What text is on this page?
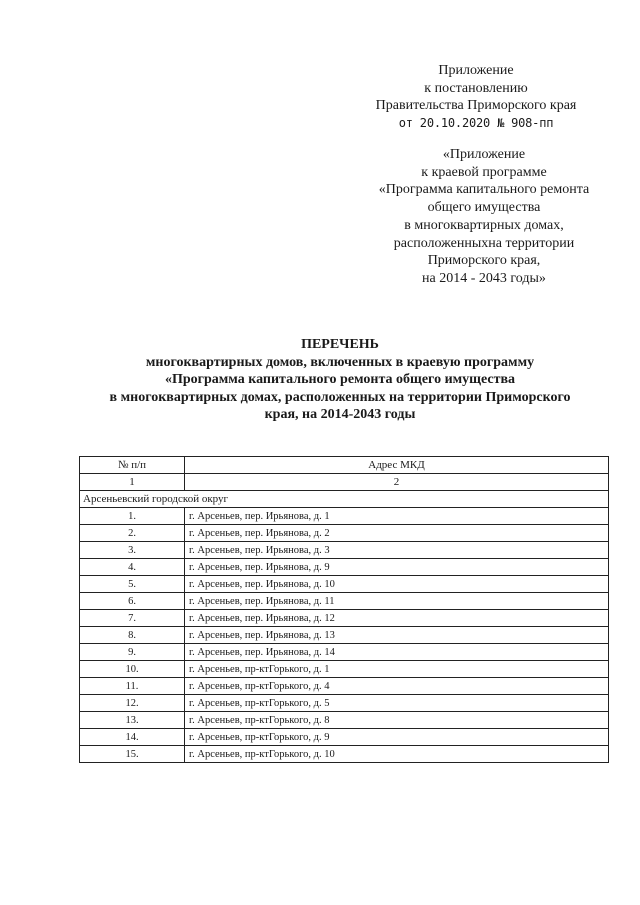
Приложение
к постановлению
Правительства Приморского края
от 20.10.2020 № 908-пп
«Приложение
к краевой программе
«Программа капитального ремонта
общего имущества
в многоквартирных домах,
расположенныхна территории
Приморского края,
на 2014 - 2043 годы»
ПЕРЕЧЕНЬ
многоквартирных домов, включенных в краевую программу
«Программа капитального ремонта общего имущества
в многоквартирных домах, расположенных на территории Приморского
края, на 2014-2043 годы
№ п/п	Адрес МКД
1	2
Арсеньевский городской округ	
1.	г. Арсеньев, пер. Ирьянова, д. 1
2.	г. Арсеньев, пер. Ирьянова, д. 2
3.	г. Арсеньев, пер. Ирьянова, д. 3
4.	г. Арсеньев, пер. Ирьянова, д. 9
5.	г. Арсеньев, пер. Ирьянова, д. 10
6.	г. Арсеньев, пер. Ирьянова, д. 11
7.	г. Арсеньев, пер. Ирьянова, д. 12
8.	г. Арсеньев, пер. Ирьянова, д. 13
9.	г. Арсеньев, пер. Ирьянова, д. 14
10.	г. Арсеньев, пр-ктГорького, д. 1
11.	г. Арсеньев, пр-ктГорького, д. 4
12.	г. Арсеньев, пр-ктГорького, д. 5
13.	г. Арсеньев, пр-ктГорького, д. 8
14.	г. Арсеньев, пр-ктГорького, д. 9
15.	г. Арсеньев, пр-ктГорького, д. 10
